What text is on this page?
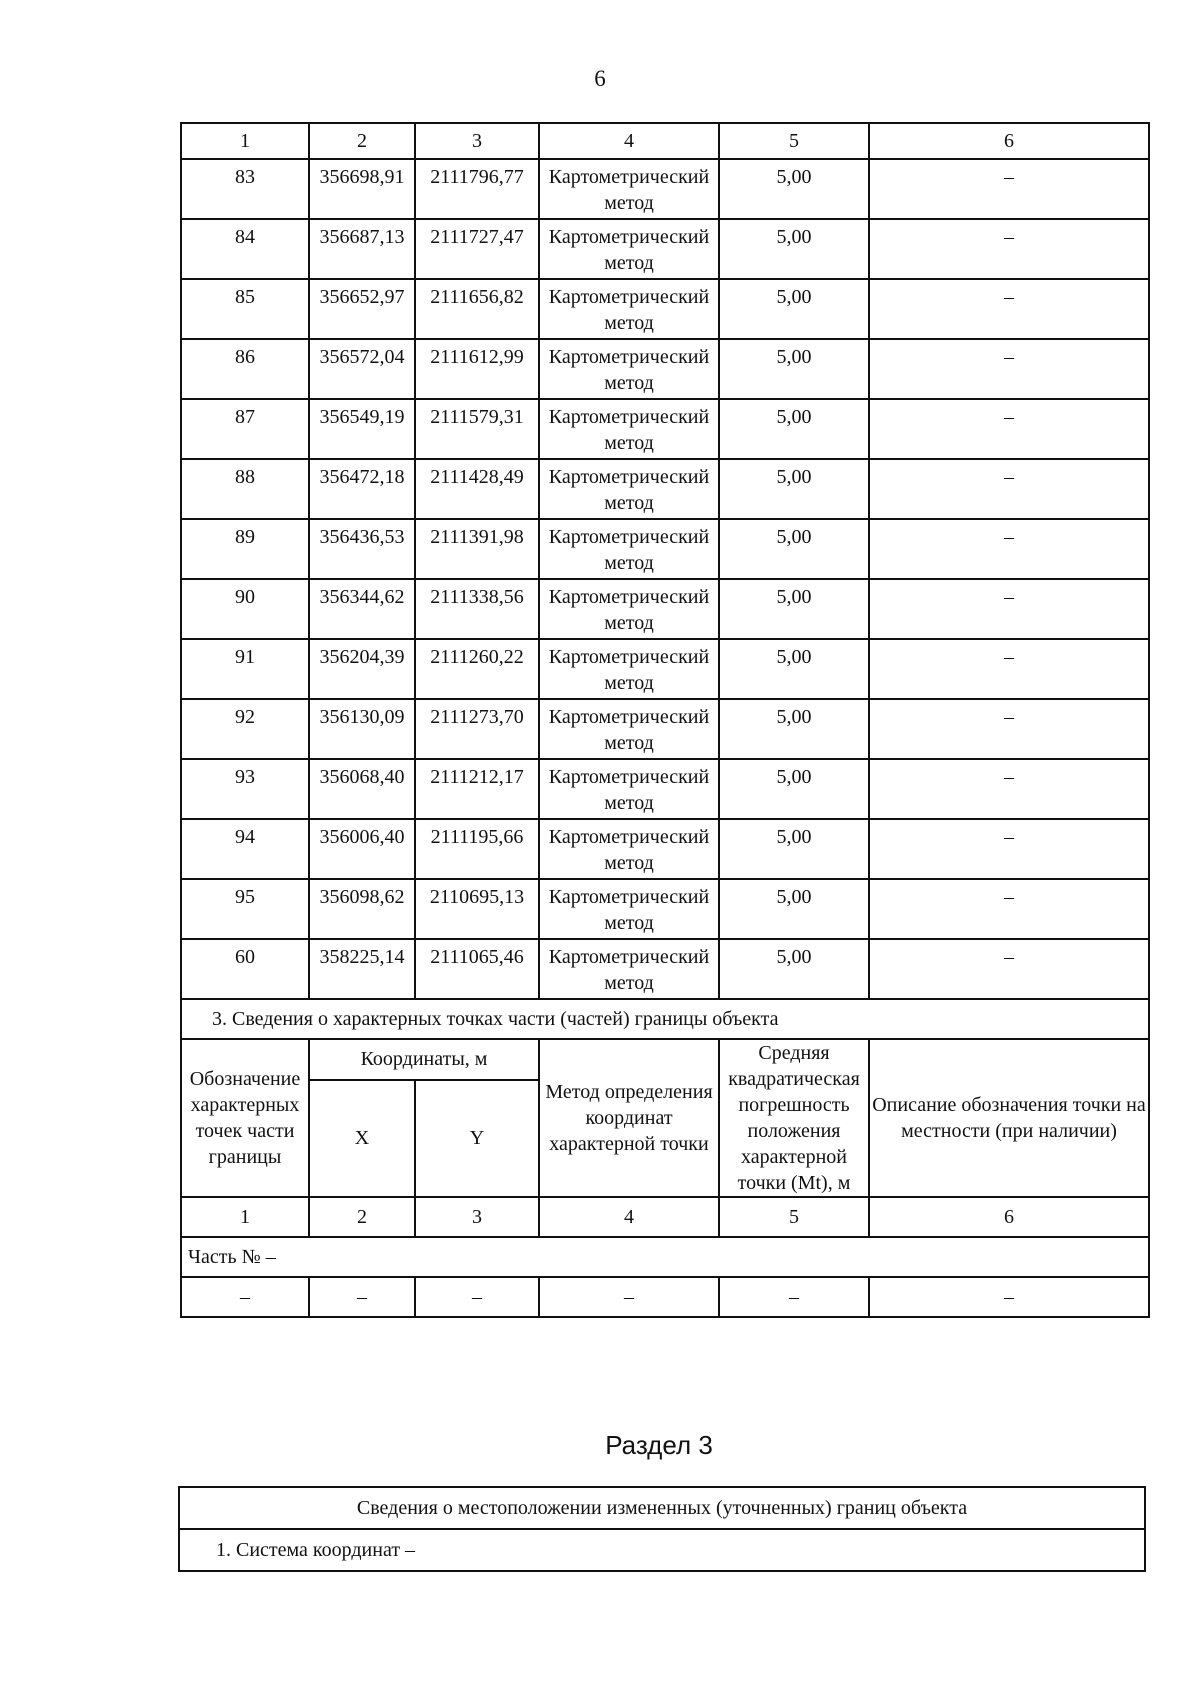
6
1	2	3	4	5	6
83	356698,91	2111796,77	Картометрический метод	5,00	–
84	356687,13	2111727,47	Картометрический метод	5,00	–
85	356652,97	2111656,82	Картометрический метод	5,00	–
86	356572,04	2111612,99	Картометрический метод	5,00	–
87	356549,19	2111579,31	Картометрический метод	5,00	–
88	356472,18	2111428,49	Картометрический метод	5,00	–
89	356436,53	2111391,98	Картометрический метод	5,00	–
90	356344,62	2111338,56	Картометрический метод	5,00	–
91	356204,39	2111260,22	Картометрический метод	5,00	–
92	356130,09	2111273,70	Картометрический метод	5,00	–
93	356068,40	2111212,17	Картометрический метод	5,00	–
94	356006,40	2111195,66	Картометрический метод	5,00	–
95	356098,62	2110695,13	Картометрический метод	5,00	–
60	358225,14	2111065,46	Картометрический метод	5,00	–
3. Сведения о характерных точках части (частей) границы объекта					
Обозначение характерных точек части границы	Координаты, м		Метод определения координат характерной точки	Средняя квадратическая погрешность положения характерной точки (Mt), м	Описание обозначения точки на местности (при наличии)
	X	Y			
1	2	3	4	5	6
Часть № –					
–	–	–	–	–	–
Раздел 3
Сведения о местоположении измененных (уточненных) границ объекта
1. Система координат –
